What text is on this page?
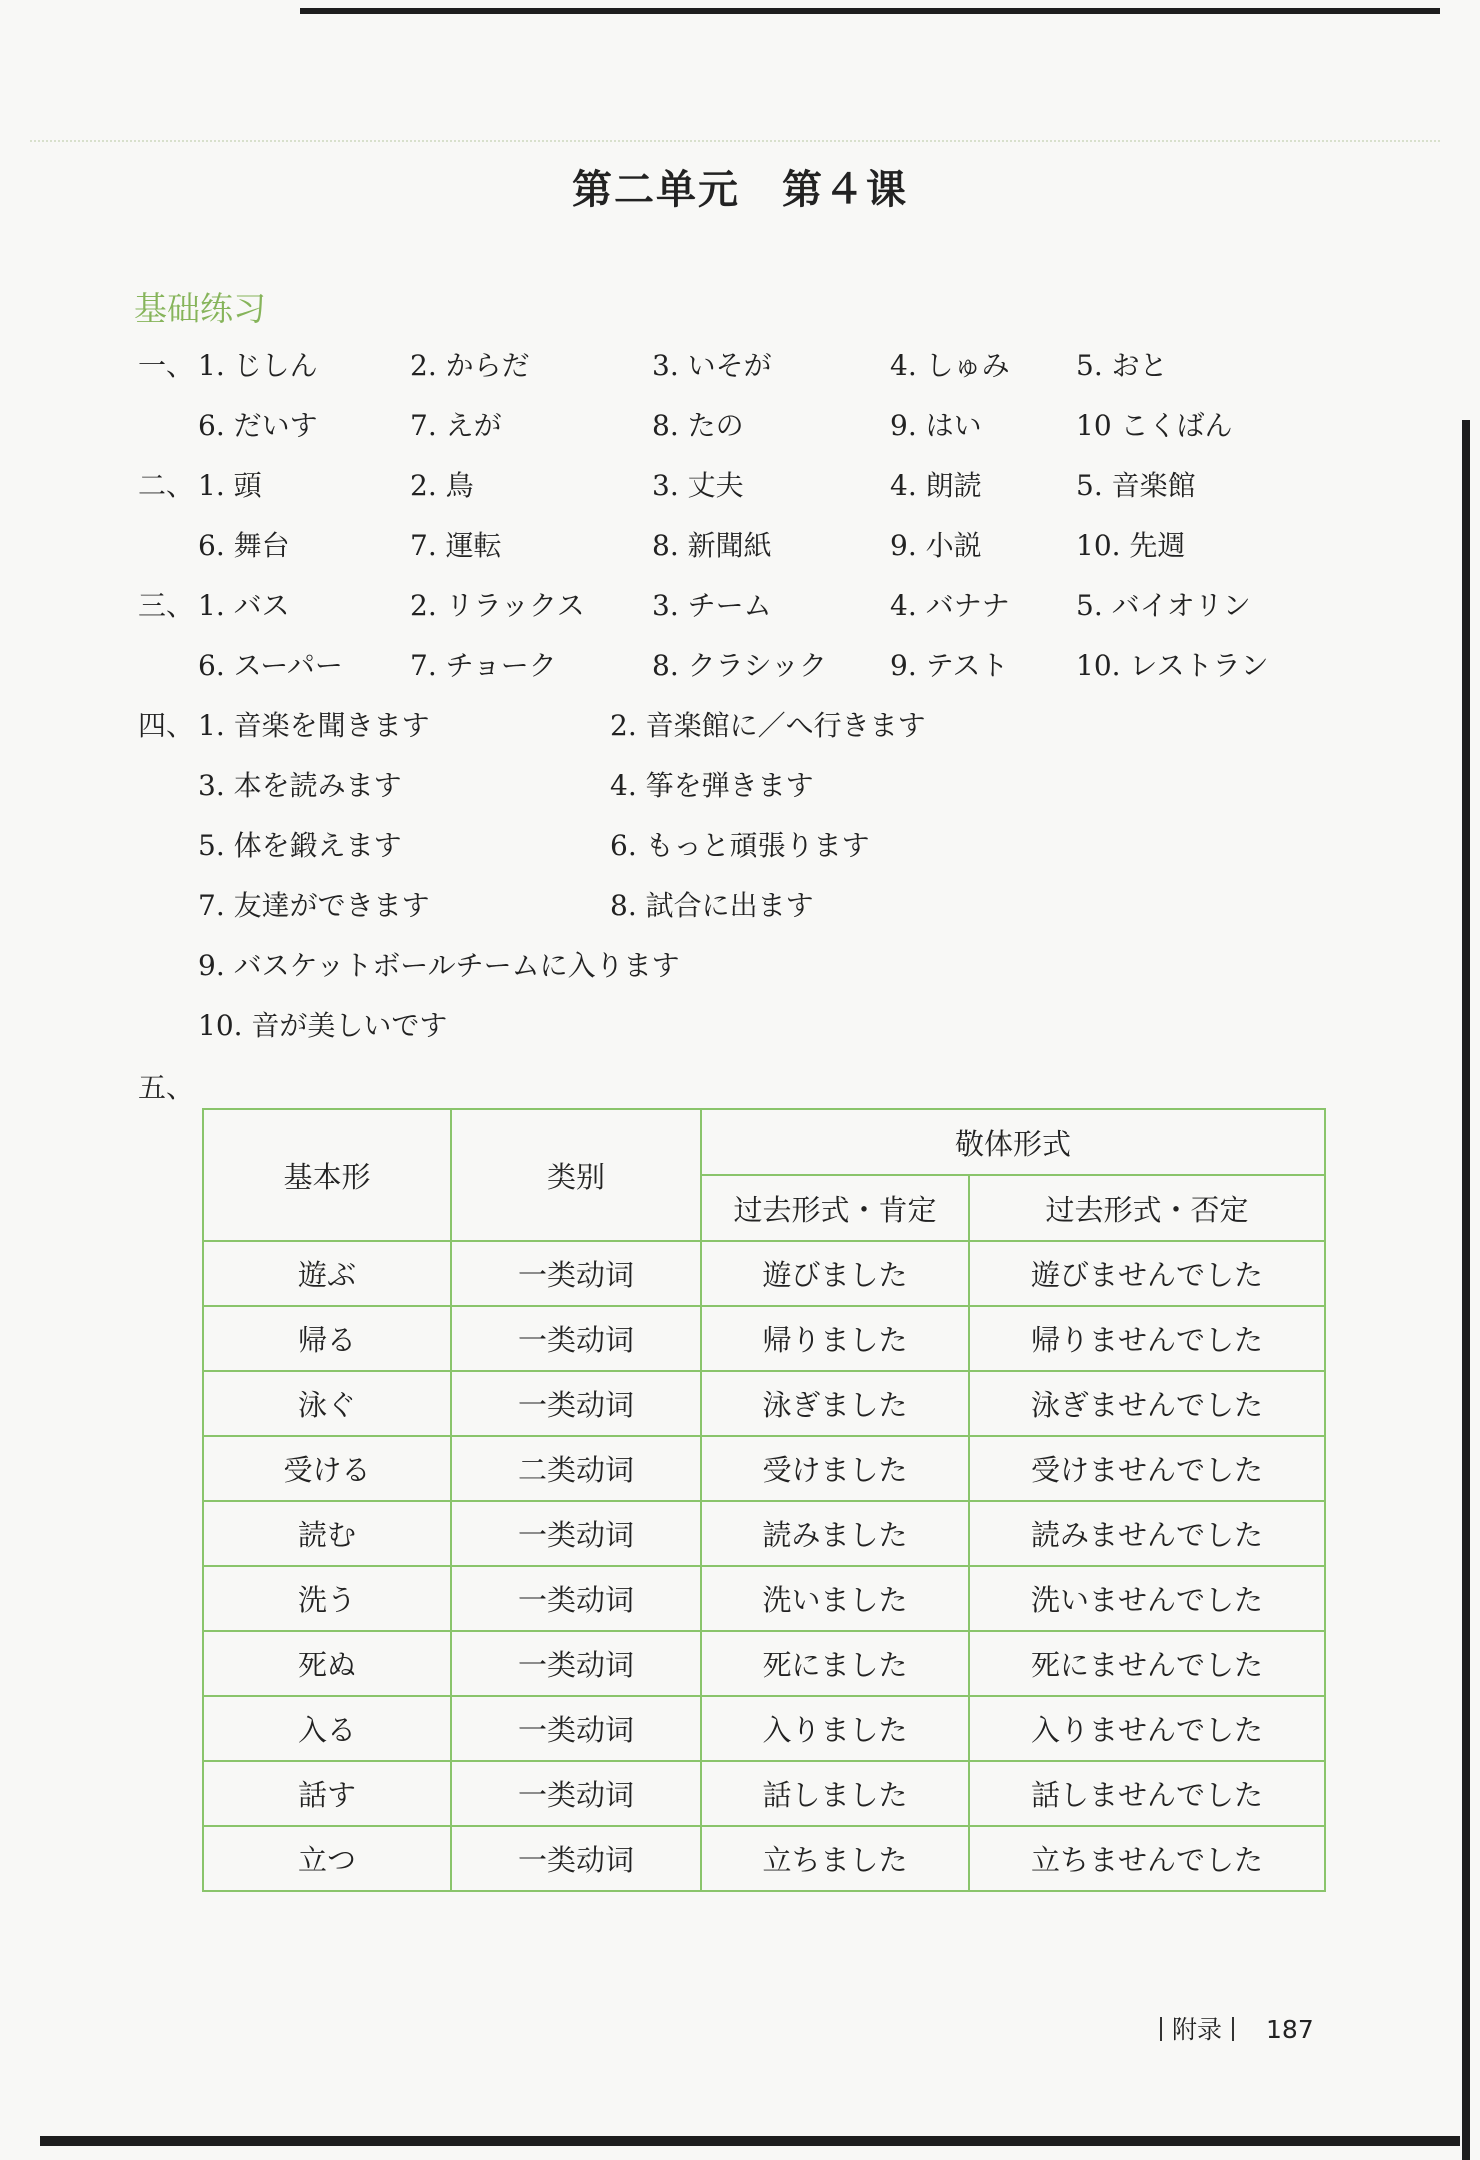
第二单元　第４课
基础练习
一、 1. じしん	2. からだ	3. いそが	4. しゅみ 5. おと
6. だいす	7. えが	8. たの	9. はい	10 こくばん
二、 1. 頭	2. 鳥	3. 丈夫	4. 朗読	5. 音楽館
6. 舞台	7. 運転	8. 新聞紙	9. 小説	10. 先週
三、 1. バス	2. リラックス 3. チーム	4. バナナ 5. バイオリン
6. スーパー 7. チョーク	8. クラシック 9. テスト 10. レストラン
四、 1. 音楽を聞きます	2. 音楽館に／へ行きます
3. 本を読みます	4. 筝を弾きます
5. 体を鍛えます	6. もっと頑張ります
7. 友達ができます	8. 試合に出ます
9. バスケットボールチームに入ります
10. 音が美しいです
五、
基本形	类别	敬体形式	
		过去形式・肯定	过去形式・否定
遊ぶ	一类动词	遊びました	遊びませんでした
帰る	一类动词	帰りました	帰りませんでした
泳ぐ	一类动词	泳ぎました	泳ぎませんでした
受ける	二类动词	受けました	受けませんでした
読む	一类动词	読みました	読みませんでした
洗う	一类动词	洗いました	洗いませんでした
死ぬ	一类动词	死にました	死にませんでした
入る	一类动词	入りました	入りませんでした
話す	一类动词	話しました	話しませんでした
立つ	一类动词	立ちました	立ちませんでした
附录 187
